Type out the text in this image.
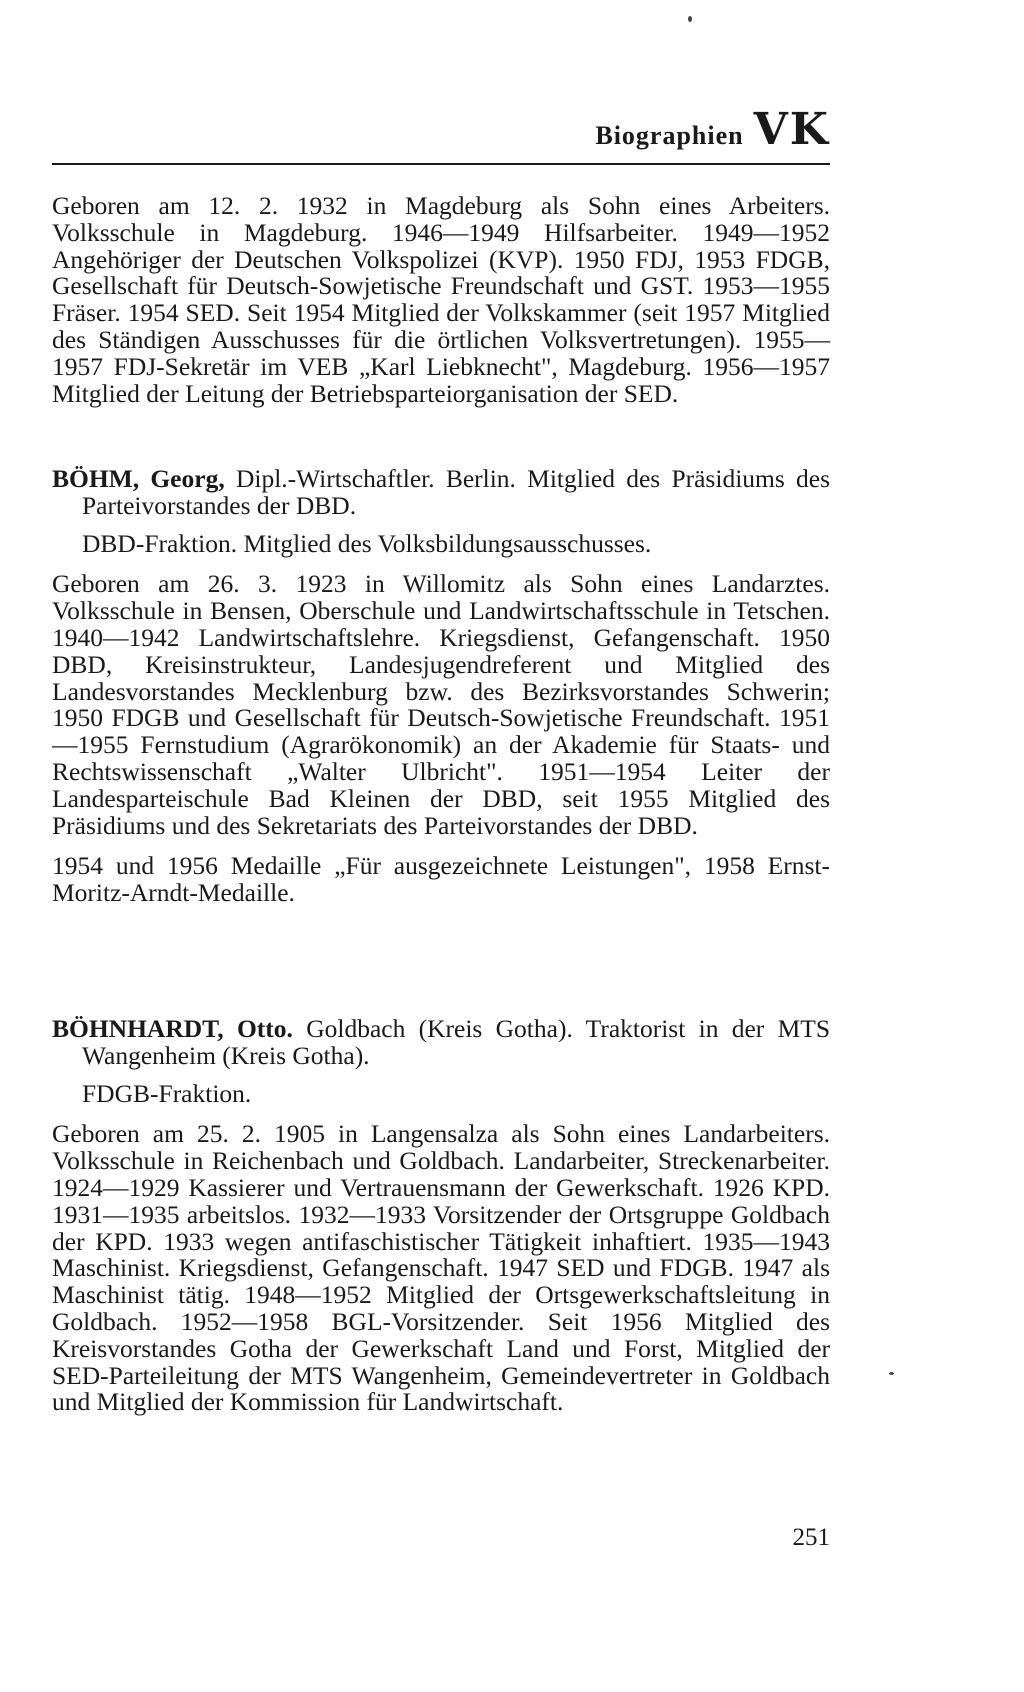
Biographien VK

Geboren am 12. 2. 1932 in Magdeburg als Sohn eines Arbeiters. Volksschule in Magdeburg. 1946—1949 Hilfsarbeiter. 1949—1952 Angehöriger der Deutschen Volkspolizei (KVP). 1950 FDJ, 1953 FDGB, Gesellschaft für Deutsch-Sowjetische Freundschaft und GST. 1953—1955 Fräser. 1954 SED. Seit 1954 Mitglied der Volkskammer (seit 1957 Mitglied des Ständigen Ausschusses für die örtlichen Volksvertretungen). 1955—1957 FDJ-Sekretär im VEB „Karl Liebknecht", Magdeburg. 1956—1957 Mitglied der Leitung der Betriebsparteiorganisation der SED.

BÖHM, Georg, Dipl.-Wirtschaftler. Berlin. Mitglied des Präsidiums des Parteivorstandes der DBD.

DBD-Fraktion. Mitglied des Volksbildungsausschusses.

Geboren am 26. 3. 1923 in Willomitz als Sohn eines Landarztes. Volksschule in Bensen, Oberschule und Landwirtschaftsschule in Tetschen. 1940—1942 Landwirtschaftslehre. Kriegsdienst, Gefangenschaft. 1950 DBD, Kreisinstrukteur, Landesjugendreferent und Mitglied des Landesvorstandes Mecklenburg bzw. des Bezirksvorstandes Schwerin; 1950 FDGB und Gesellschaft für Deutsch-Sowjetische Freundschaft. 1951—1955 Fernstudium (Agrarökonomik) an der Akademie für Staats- und Rechtswissenschaft „Walter Ulbricht". 1951—1954 Leiter der Landesparteischule Bad Kleinen der DBD, seit 1955 Mitglied des Präsidiums und des Sekretariats des Parteivorstandes der DBD.

1954 und 1956 Medaille „Für ausgezeichnete Leistungen", 1958 Ernst-Moritz-Arndt-Medaille.

BÖHNHARDT, Otto. Goldbach (Kreis Gotha). Traktorist in der MTS Wangenheim (Kreis Gotha).

FDGB-Fraktion.

Geboren am 25. 2. 1905 in Langensalza als Sohn eines Landarbeiters. Volksschule in Reichenbach und Goldbach. Landarbeiter, Streckenarbeiter. 1924—1929 Kassierer und Vertrauensmann der Gewerkschaft. 1926 KPD. 1931—1935 arbeitslos. 1932—1933 Vorsitzender der Ortsgruppe Goldbach der KPD. 1933 wegen antifaschistischer Tätigkeit inhaftiert. 1935—1943 Maschinist. Kriegsdienst, Gefangenschaft. 1947 SED und FDGB. 1947 als Maschinist tätig. 1948—1952 Mitglied der Ortsgewerkschaftsleitung in Goldbach. 1952—1958 BGL-Vorsitzender. Seit 1956 Mitglied des Kreisvorstandes Gotha der Gewerkschaft Land und Forst, Mitglied der SED-Parteileitung der MTS Wangenheim, Gemeindevertreter in Goldbach und Mitglied der Kommission für Landwirtschaft.

251
